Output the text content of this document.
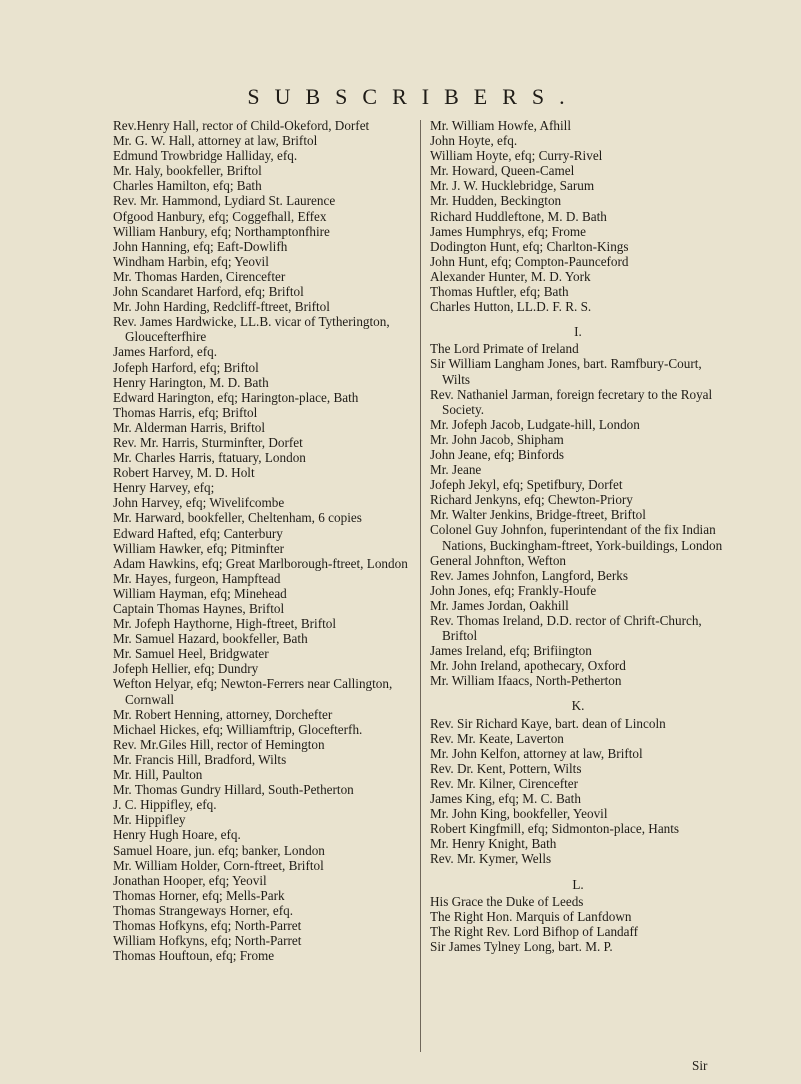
SUBSCRIBERS.
Rev.Henry Hall, rector of Child-Okeford, Dorfet
Mr. G. W. Hall, attorney at law, Briftol
Edmund Trowbridge Halliday, efq.
Mr. Haly, bookfeller, Briftol
Charles Hamilton, efq; Bath
Rev. Mr. Hammond, Lydiard St. Laurence
Ofgood Hanbury, efq; Coggefhall, Effex
William Hanbury, efq; Northamptonfhire
John Hanning, efq; Eaft-Dowlifh
Windham Harbin, efq; Yeovil
Mr. Thomas Harden, Cirencefter
John Scandaret Harford, efq; Briftol
Mr. John Harding, Redcliff-ftreet, Briftol
Rev. James Hardwicke, LL.B. vicar of Tytherington, Gloucefterfhire
James Harford, efq.
Jofeph Harford, efq; Briftol
Henry Harington, M. D. Bath
Edward Harington, efq; Harington-place, Bath
Thomas Harris, efq; Briftol
Mr. Alderman Harris, Briftol
Rev. Mr. Harris, Sturminfter, Dorfet
Mr. Charles Harris, ftatuary, London
Robert Harvey, M. D. Holt
Henry Harvey, efq;
John Harvey, efq; Wivelifcombe
Mr. Harward, bookfeller, Cheltenham, 6 copies
Edward Hafted, efq; Canterbury
William Hawker, efq; Pitminfter
Adam Hawkins, efq; Great Marlborough-ftreet, London
Mr. Hayes, furgeon, Hampftead
William Hayman, efq; Minehead
Captain Thomas Haynes, Briftol
Mr. Jofeph Haythorne, High-ftreet, Briftol
Mr. Samuel Hazard, bookfeller, Bath
Mr. Samuel Heel, Bridgwater
Jofeph Hellier, efq; Dundry
Wefton Helyar, efq; Newton-Ferrers near Callington, Cornwall
Mr. Robert Henning, attorney, Dorchefter
Michael Hickes, efq; Williamftrip, Glocefterfh.
Rev. Mr.Giles Hill, rector of Hemington
Mr. Francis Hill, Bradford, Wilts
Mr. Hill, Paulton
Mr. Thomas Gundry Hillard, South-Petherton
J. C. Hippifley, efq.
Mr. Hippifley
Henry Hugh Hoare, efq.
Samuel Hoare, jun. efq; banker, London
Mr. William Holder, Corn-ftreet, Briftol
Jonathan Hooper, efq; Yeovil
Thomas Horner, efq; Mells-Park
Thomas Strangeways Horner, efq.
Thomas Hofkyns, efq; North-Parret
William Hofkyns, efq; North-Parret
Thomas Houftoun, efq; Frome
Mr. William Howfe, Afhill
John Hoyte, efq.
William Hoyte, efq; Curry-Rivel
Mr. Howard, Queen-Camel
Mr. J. W. Hucklebridge, Sarum
Mr. Hudden, Beckington
Richard Huddleftone, M. D. Bath
James Humphrys, efq; Frome
Dodington Hunt, efq; Charlton-Kings
John Hunt, efq; Compton-Paunceford
Alexander Hunter, M. D. York
Thomas Huftler, efq; Bath
Charles Hutton, LL.D. F. R. S.
I.
The Lord Primate of Ireland
Sir William Langham Jones, bart. Ramfbury-Court, Wilts
Rev. Nathaniel Jarman, foreign fecretary to the Royal Society.
Mr. Jofeph Jacob, Ludgate-hill, London
Mr. John Jacob, Shipham
John Jeane, efq; Binfords
Mr. Jeane
Jofeph Jekyl, efq; Spetifbury, Dorfet
Richard Jenkyns, efq; Chewton-Priory
Mr. Walter Jenkins, Bridge-ftreet, Briftol
Colonel Guy Johnfon, fuperintendant of the fix Indian Nations, Buckingham-ftreet, York-buildings, London
General Johnfton, Wefton
Rev. James Johnfon, Langford, Berks
John Jones, efq; Frankly-Houfe
Mr. James Jordan, Oakhill
Rev. Thomas Ireland, D.D. rector of Chrift-Church, Briftol
James Ireland, efq; Brifiington
Mr. John Ireland, apothecary, Oxford
Mr. William Ifaacs, North-Petherton
K.
Rev. Sir Richard Kaye, bart. dean of Lincoln
Rev. Mr. Keate, Laverton
Mr. John Kelfon, attorney at law, Briftol
Rev. Dr. Kent, Pottern, Wilts
Rev. Mr. Kilner, Cirencefter
James King, efq; M. C. Bath
Mr. John King, bookfeller, Yeovil
Robert Kingfmill, efq; Sidmonton-place, Hants
Mr. Henry Knight, Bath
Rev. Mr. Kymer, Wells
L.
His Grace the Duke of Leeds
The Right Hon. Marquis of Lanfdown
The Right Rev. Lord Bifhop of Landaff
Sir James Tylney Long, bart. M. P.
Sir
